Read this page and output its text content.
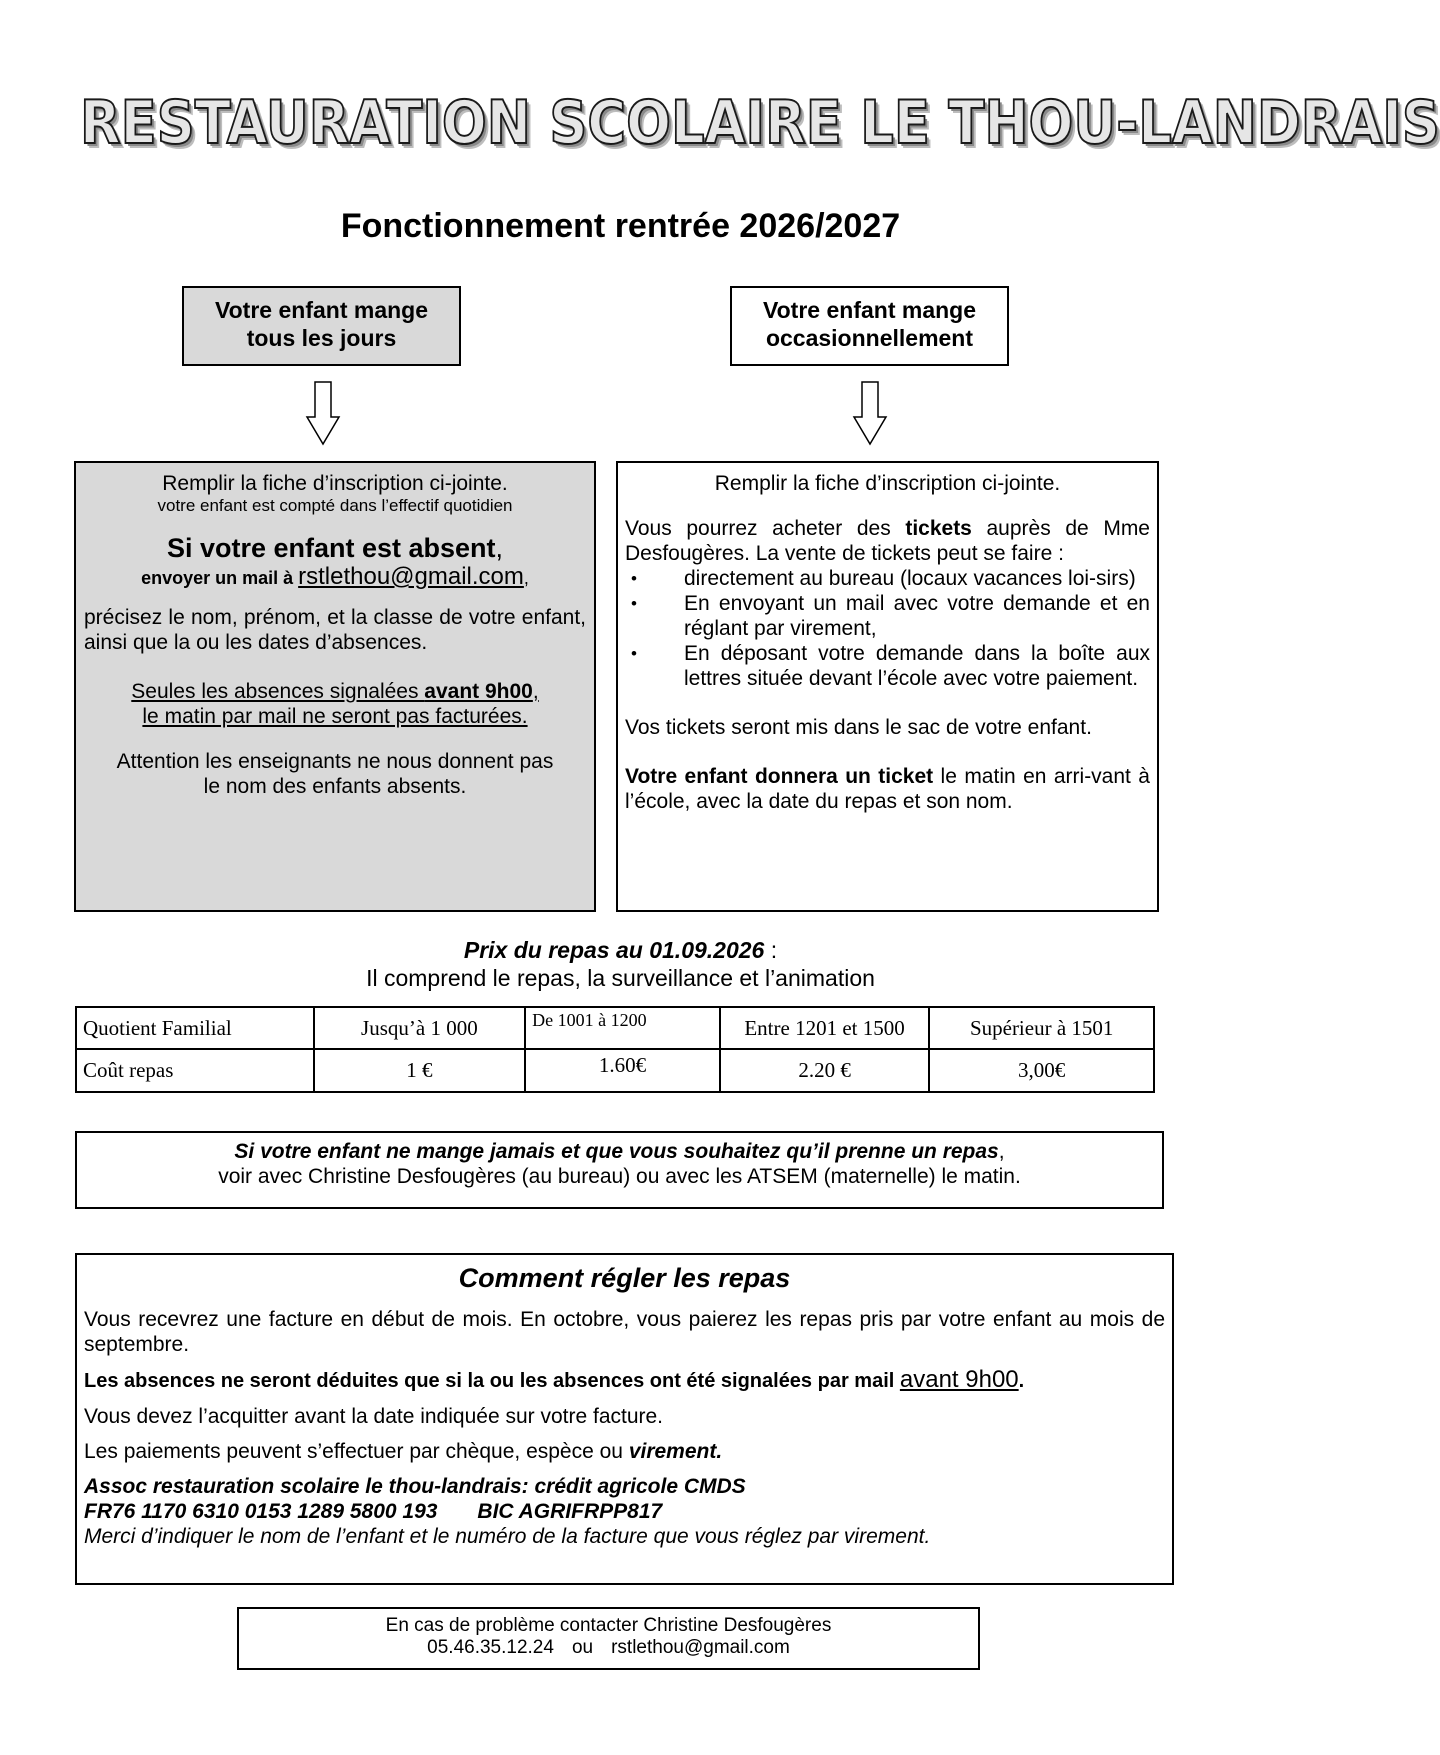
RESTAURATION SCOLAIRE LE THOU-LANDRAIS
Fonctionnement rentrée 2026/2027
Votre enfant mange
tous les jours
Votre enfant mange
occasionnellement
Remplir la fiche d’inscription ci-jointe.
votre enfant est compté dans l’effectif quotidien
Si votre enfant est absent,
envoyer un mail à rstlethou@gmail.com,
précisez le nom, prénom, et la classe de votre enfant, ainsi que la ou les dates d’absences.
Seules les absences signalées avant 9h00,
le matin par mail ne seront pas facturées.
Attention les enseignants ne nous donnent pas
le nom des enfants absents.
Remplir la fiche d’inscription ci-jointe.
Vous pourrez acheter des tickets auprès de Mme Desfougères. La vente de tickets peut se faire :
• directement au bureau (locaux vacances loi-sirs)
• En envoyant un mail avec votre demande et en réglant par virement,
• En déposant votre demande dans la boîte aux lettres située devant l’école avec votre paiement.
Vos tickets seront mis dans le sac de votre enfant.
Votre enfant donnera un ticket le matin en arri-vant à l’école, avec la date du repas et son nom.
Prix du repas au 01.09.2026 :
Il comprend le repas, la surveillance et l’animation
Quotient Familial	Jusqu’à 1 000	De 1001 à 1200	Entre 1201 et 1500	Supérieur à 1501
Coût repas	1 €	1.60€	2.20 €	3,00€
Si votre enfant ne mange jamais et que vous souhaitez qu’il prenne un repas,
voir avec Christine Desfougères (au bureau) ou avec les ATSEM (maternelle) le matin.

Comment régler les repas

Vous recevrez une facture en début de mois. En octobre, vous paierez les repas pris par votre enfant au mois de septembre.

Les absences ne seront déduites que si la ou les absences ont été signalées par mail avant 9h00.

Vous devez l’acquitter avant la date indiquée sur votre facture.

Les paiements peuvent s’effectuer par chèque, espèce ou virement.

Assoc restauration scolaire le thou-landrais: crédit agricole CMDS

FR76 1170 6310 0153 1289 5800 193 BIC AGRIFRPP817

Merci d’indiquer le nom de l’enfant et le numéro de la facture que vous réglez par virement.

En cas de problème contacter Christine Desfougères
05.46.35.12.24 ou rstlethou@gmail.com
